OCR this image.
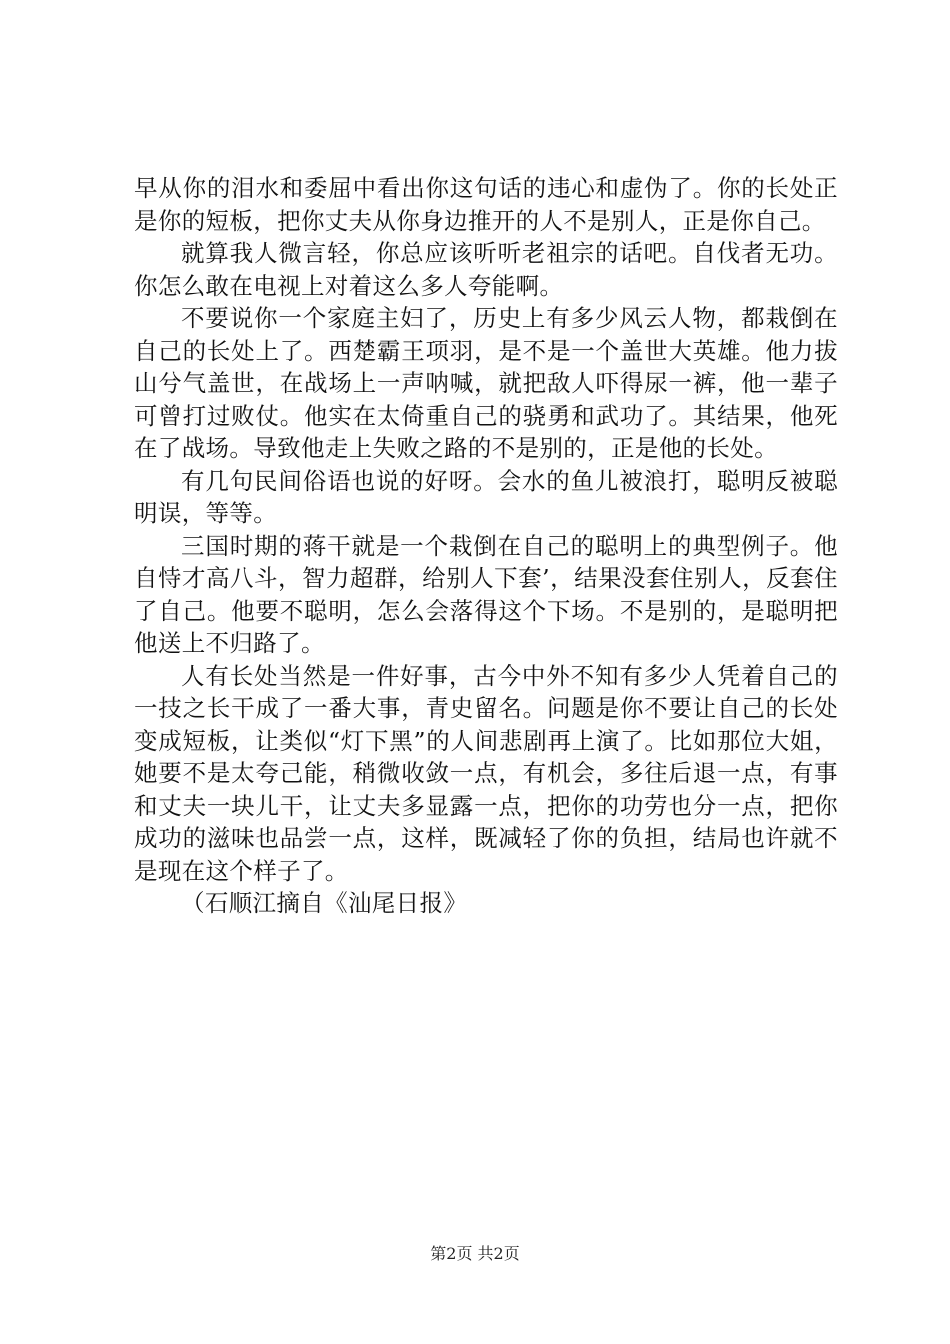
早从你的泪水和委屈中看出你这句话的违心和虚伪了。你的长处正是你的短板，把你丈夫从你身边推开的人不是别人，正是你自己。

就算我人微言轻，你总应该听听老祖宗的话吧。自伐者无功。你怎么敢在电视上对着这么多人夸能啊。

不要说你一个家庭主妇了，历史上有多少风云人物，都栽倒在自己的长处上了。西楚霸王项羽，是不是一个盖世大英雄。他力拔山兮气盖世，在战场上一声呐喊，就把敌人吓得尿一裤，他一辈子可曾打过败仗。他实在太倚重自己的骁勇和武功了。其结果，他死在了战场。导致他走上失败之路的不是别的，正是他的长处。

有几句民间俗语也说的好呀。会水的鱼儿被浪打，聪明反被聪明误，等等。

三国时期的蒋干就是一个栽倒在自己的聪明上的典型例子。他自恃才高八斗，智力超群，给别人下套’，结果没套住别人，反套住了自己。他要不聪明，怎么会落得这个下场。不是别的，是聪明把他送上不归路了。

人有长处当然是一件好事，古今中外不知有多少人凭着自己的一技之长干成了一番大事，青史留名。问题是你不要让自己的长处变成短板，让类似“灯下黑”的人间悲剧再上演了。比如那位大姐，她要不是太夸己能，稍微收敛一点，有机会，多往后退一点，有事和丈夫一块儿干，让丈夫多显露一点，把你的功劳也分一点，把你成功的滋味也品尝一点，这样，既减轻了你的负担，结局也许就不是现在这个样子了。

（石顺江摘自《汕尾日报》

第2页 共2页
